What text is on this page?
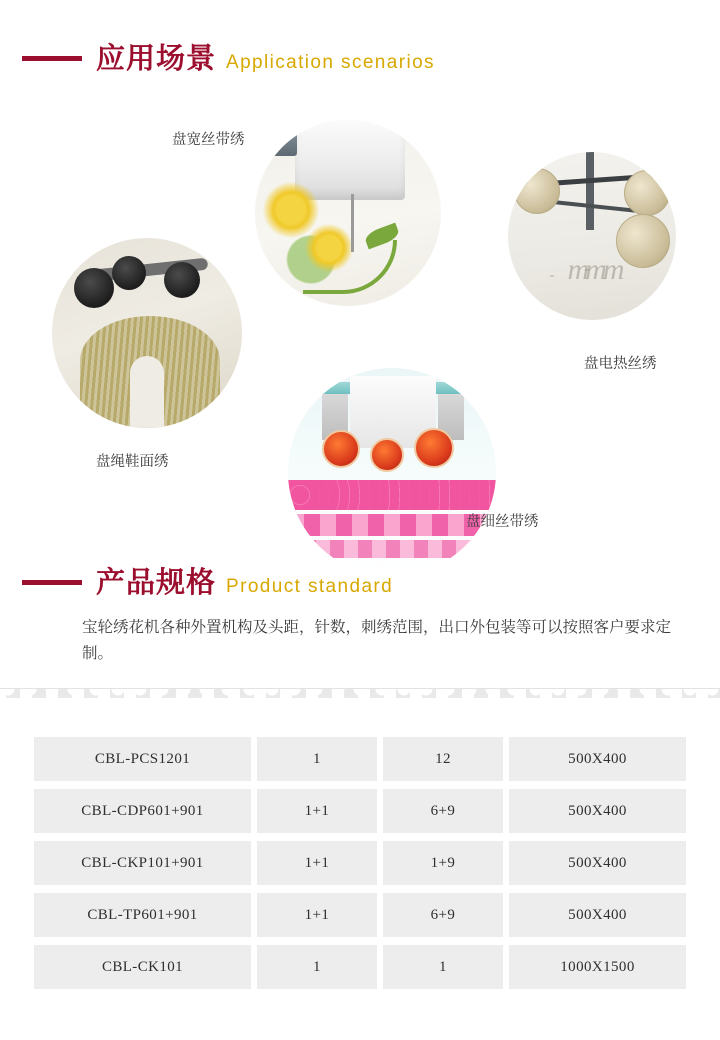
应用场景 Application scenarios
盘宽丝带绣
盘绳鞋面绣
mmm
盘电热丝绣
盘细丝带绣
产品规格 Product standard

宝轮绣花机各种外置机构及头距，针数，刺绣范围，出口外包装等可以按照客户要求定制。

CBL-PCS1201	1	12	500X400
CBL-CDP601+901	1+1	6+9	500X400
CBL-CKP101+901	1+1	1+9	500X400
CBL-TP601+901	1+1	6+9	500X400
CBL-CK101	1	1	1000X1500
